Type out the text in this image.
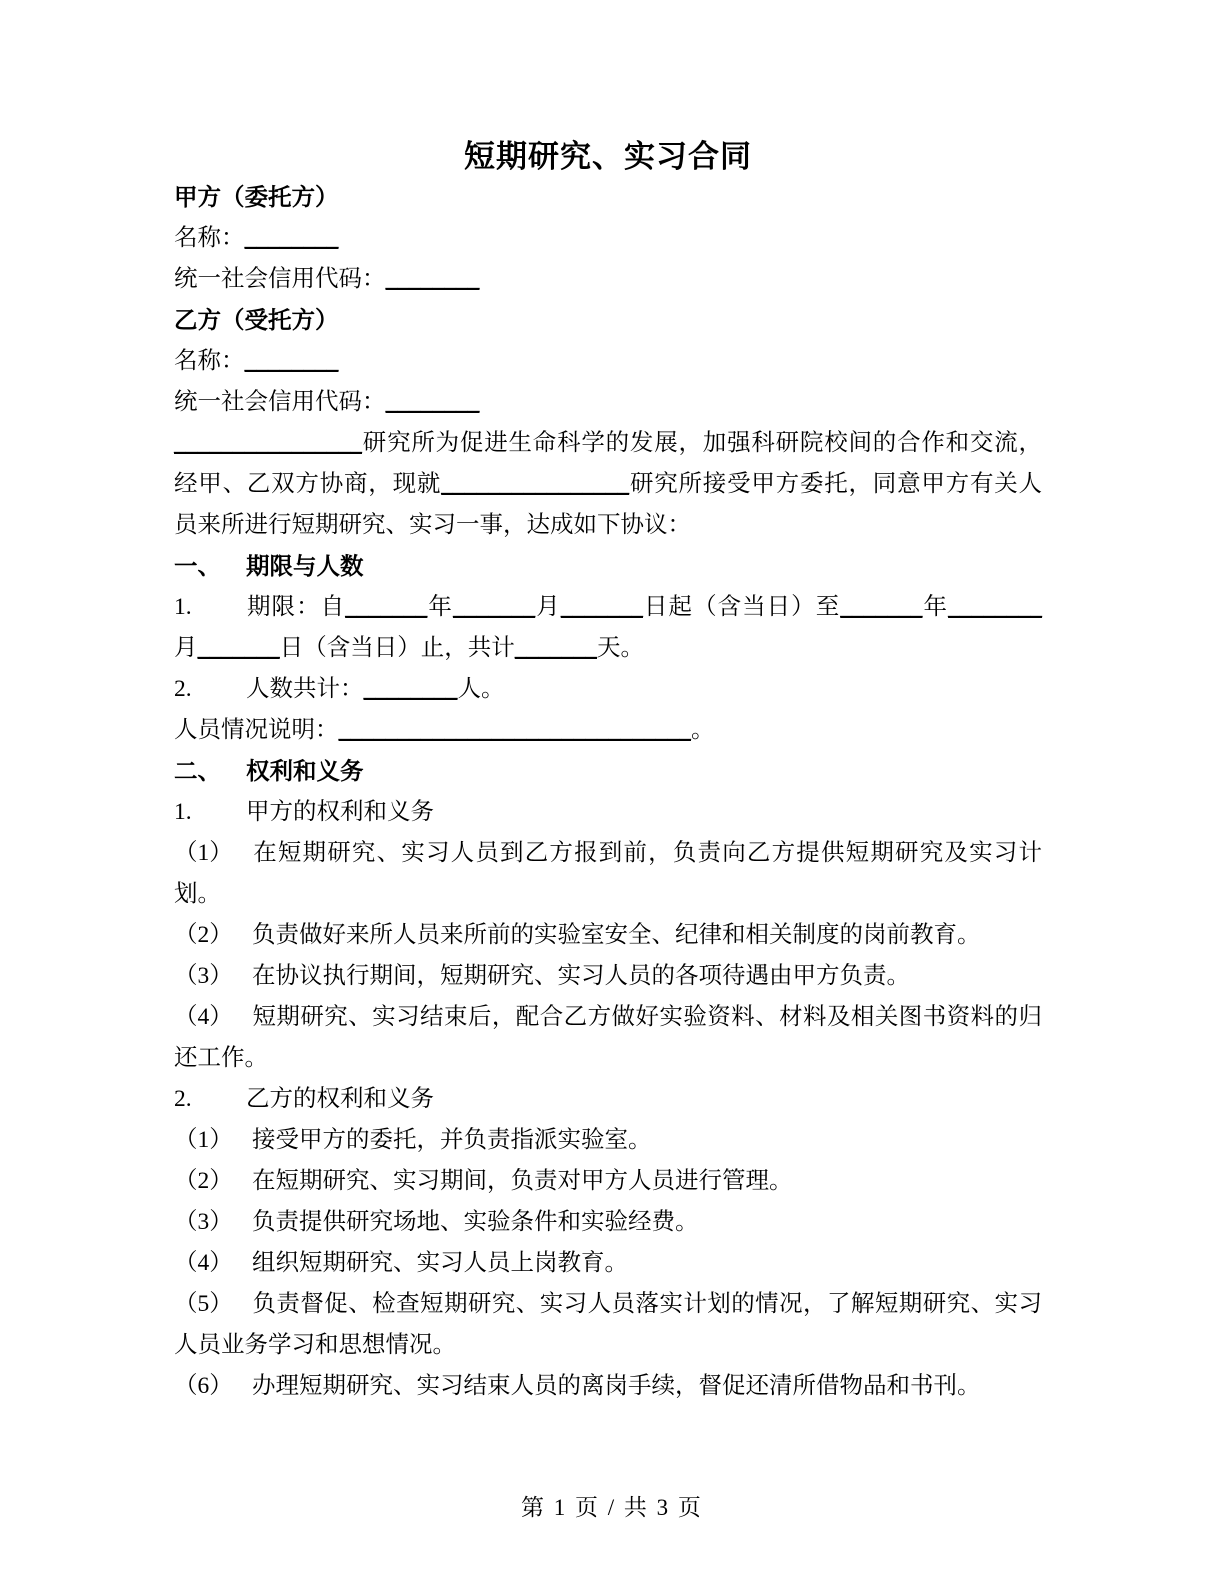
短期研究、实习合同

甲方（委托方）

名称：________

统一社会信用代码：________

乙方（受托方）

名称：________

统一社会信用代码：________

________________研究所为促进生命科学的发展，加强科研院校间的合作和交流，经甲、乙双方协商，现就________________研究所接受甲方委托，同意甲方有关人员来所进行短期研究、实习一事，达成如下协议：

一、 期限与人数

1. 期限：自_______年_______月_______日起（含当日）至_______年________月_______日（含当日）止，共计_______天。

2. 人数共计：________人。

人员情况说明：______________________________。

二、 权利和义务

1. 甲方的权利和义务

（1） 在短期研究、实习人员到乙方报到前，负责向乙方提供短期研究及实习计划。

（2） 负责做好来所人员来所前的实验室安全、纪律和相关制度的岗前教育。

（3） 在协议执行期间，短期研究、实习人员的各项待遇由甲方负责。

（4） 短期研究、实习结束后，配合乙方做好实验资料、材料及相关图书资料的归还工作。

2. 乙方的权利和义务

（1） 接受甲方的委托，并负责指派实验室。

（2） 在短期研究、实习期间，负责对甲方人员进行管理。

（3） 负责提供研究场地、实验条件和实验经费。

（4） 组织短期研究、实习人员上岗教育。

（5） 负责督促、检查短期研究、实习人员落实计划的情况，了解短期研究、实习人员业务学习和思想情况。

（6） 办理短期研究、实习结束人员的离岗手续，督促还清所借物品和书刊。

第 1 页 / 共 3 页
